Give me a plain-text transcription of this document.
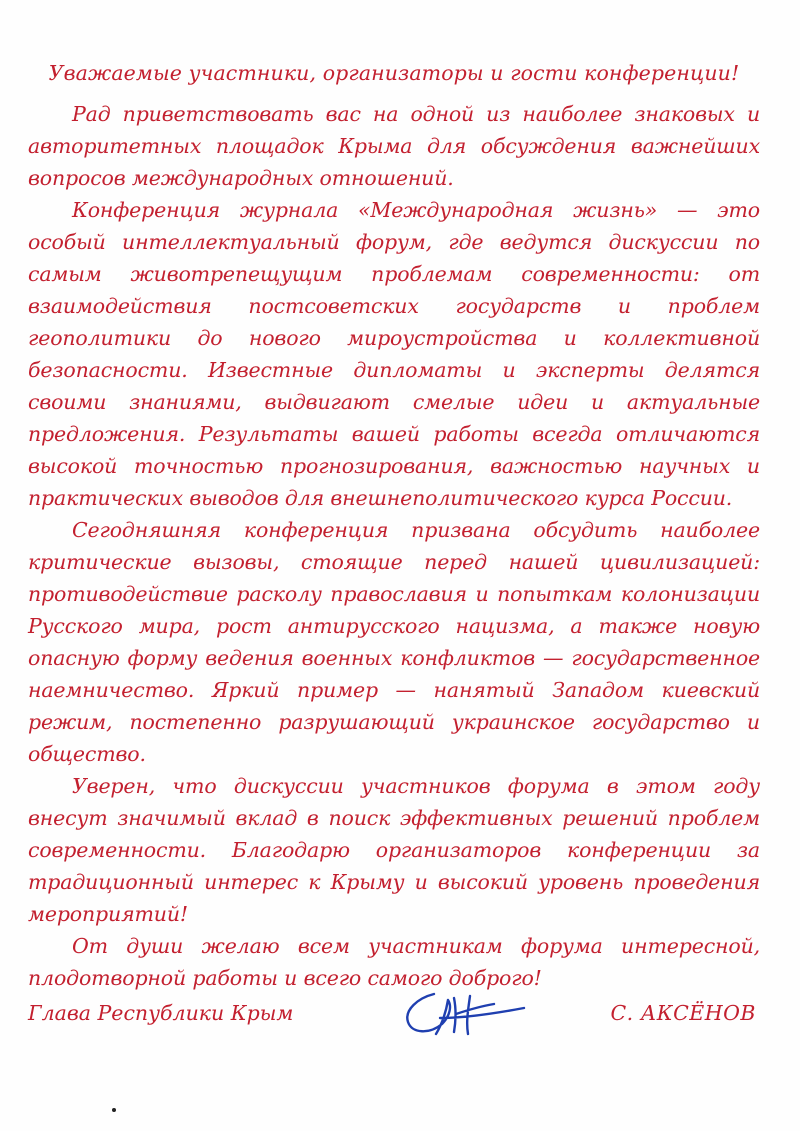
Уважаемые участники, организаторы и гости конференции!

Рад приветствовать вас на одной из наиболее знаковых и авторитетных площадок Крыма для обсуждения важнейших вопросов международных отношений.

Конференция журнала «Международная жизнь» — это особый интеллектуальный форум, где ведутся дискуссии по самым животрепещущим проблемам современности: от взаимодействия постсоветских государств и проблем геополитики до нового мироустройства и коллективной безопасности. Известные дипломаты и эксперты делятся своими знаниями, выдвигают смелые идеи и актуальные предложения. Результаты вашей работы всегда отличаются высокой точностью прогнозирования, важностью научных и практических выводов для внешнеполитического курса России.

Сегодняшняя конференция призвана обсудить наиболее критические вызовы, стоящие перед нашей цивилизацией: противодействие расколу православия и попыткам колонизации Русского мира, рост антирусского нацизма, а также новую опасную форму ведения военных конфликтов — государственное наемничество. Яркий пример — нанятый Западом киевский режим, постепенно разрушающий украинское государство и общество.

Уверен, что дискуссии участников форума в этом году внесут значимый вклад в поиск эффективных решений проблем современности. Благодарю организаторов конференции за традиционный интерес к Крыму и высокий уровень проведения мероприятий!

От души желаю всем участникам форума интересной, плодотворной работы и всего самого доброго!

Глава Республики Крым	С. АКСЁНОВ
